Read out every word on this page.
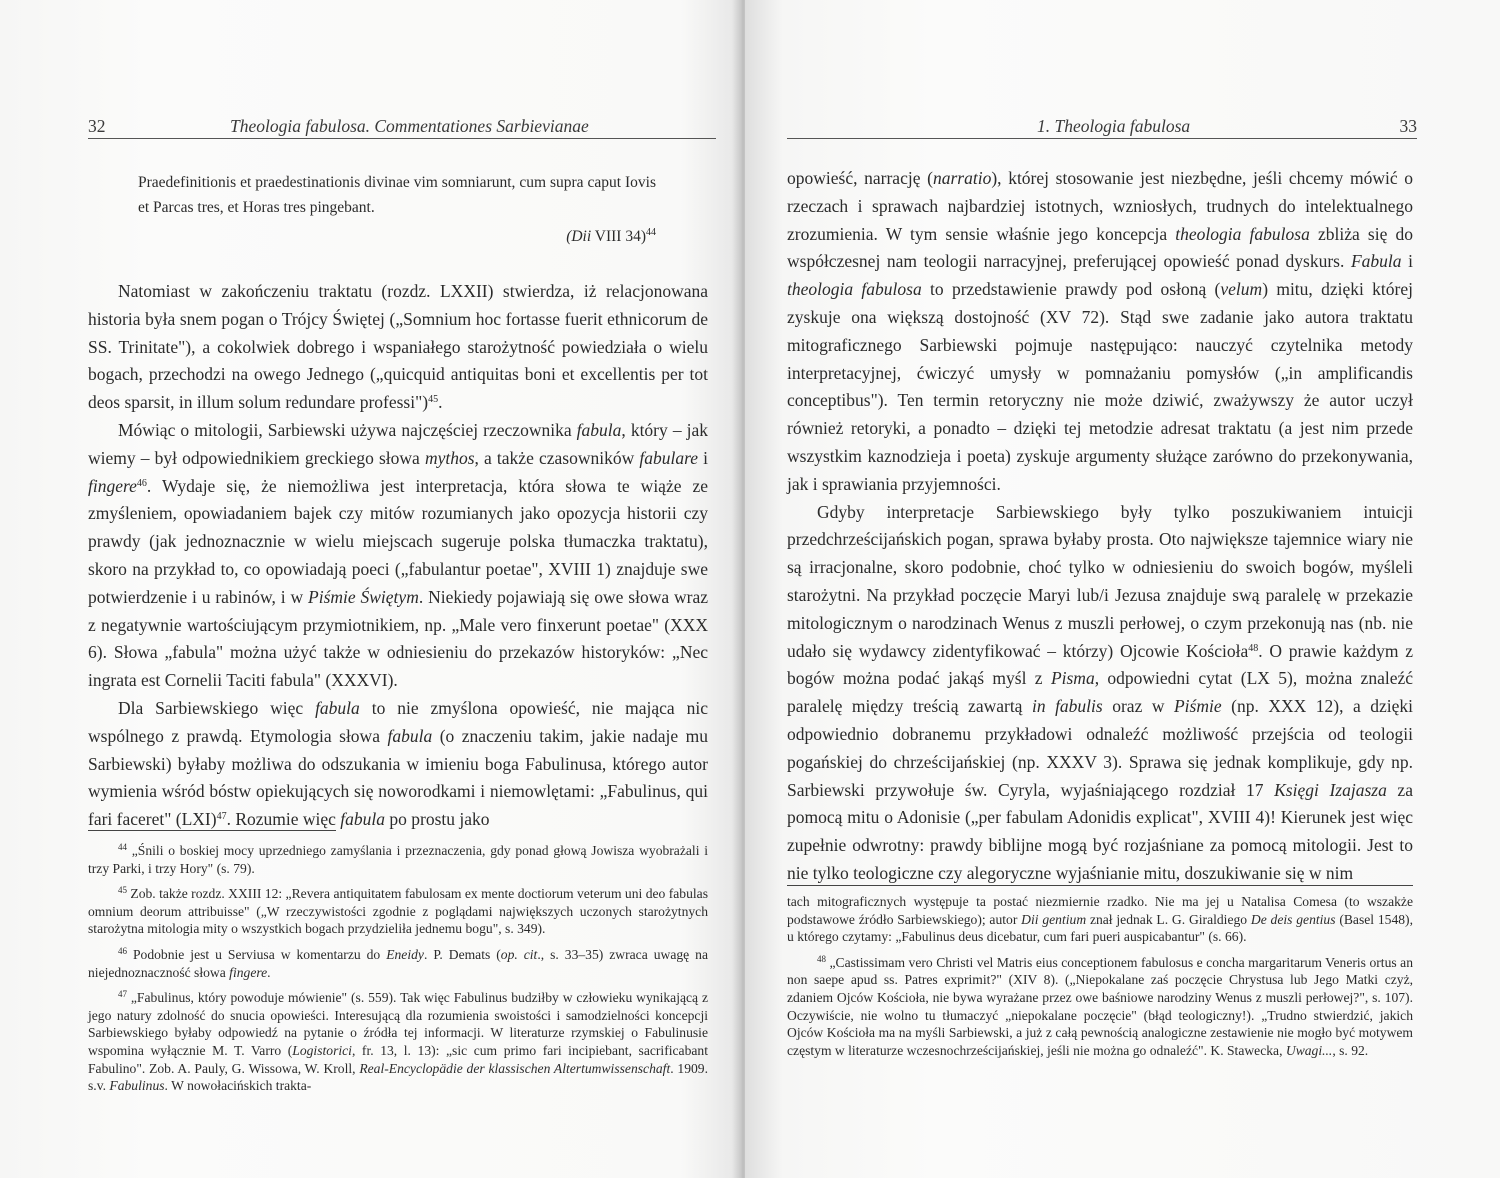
32	Theologia fabulosa. Commentationes Sarbievianae
Praedefinitionis et praedestinationis divinae vim somniarunt, cum supra caput Iovis et Parcas tres, et Horas tres pingebant.
(Dii VIII 34)$^{44}$

Natomiast w zakończeniu traktatu (rozdz. LXXII) stwierdza, iż relacjonowana historia była snem pogan o Trójcy Świętej („Somnium hoc fortasse fuerit ethnicorum de SS. Trinitate"), a cokolwiek dobrego i wspaniałego starożytność powiedziała o wielu bogach, przechodzi na owego Jednego („quicquid antiquitas boni et excellentis per tot deos sparsit, in illum solum redundare professi")$^{45}$.

Mówiąc o mitologii, Sarbiewski używa najczęściej rzeczownika fabula, który – jak wiemy – był odpowiednikiem greckiego słowa mythos, a także czasowników fabulare i fingere$^{46}$. Wydaje się, że niemożliwa jest interpretacja, która słowa te wiąże ze zmyśleniem, opowiadaniem bajek czy mitów rozumianych jako opozycja historii czy prawdy (jak jednoznacznie w wielu miejscach sugeruje polska tłumaczka traktatu), skoro na przykład to, co opowiadają poeci („fabulantur poetae", XVIII 1) znajduje swe potwierdzenie i u rabinów, i w Piśmie Świętym. Niekiedy pojawiają się owe słowa wraz z negatywnie wartościującym przymiotnikiem, np. „Male vero finxerunt poetae" (XXX 6). Słowa „fabula" można użyć także w odniesieniu do przekazów historyków: „Nec ingrata est Cornelii Taciti fabula" (XXXVI).

Dla Sarbiewskiego więc fabula to nie zmyślona opowieść, nie mająca nic wspólnego z prawdą. Etymologia słowa fabula (o znaczeniu takim, jakie nadaje mu Sarbiewski) byłaby możliwa do odszukania w imieniu boga Fabulinusa, którego autor wymienia wśród bóstw opiekujących się noworodkami i niemowlętami: „Fabulinus, qui fari faceret" (LXI)$^{47}$. Rozumie więc fabula po prostu jako

$^{44}$ „Śnili o boskiej mocy uprzedniego zamyślania i przeznaczenia, gdy ponad głową Jowisza wyobrażali i trzy Parki, i trzy Hory" (s. 79).

$^{45}$ Zob. także rozdz. XXIII 12: „Revera antiquitatem fabulosam ex mente doctiorum veterum uni deo fabulas omnium deorum attribuisse" („W rzeczywistości zgodnie z poglądami największych uczonych starożytnych starożytna mitologia mity o wszystkich bogach przydzieliła jednemu bogu", s. 349).

$^{46}$ Podobnie jest u Serviusa w komentarzu do Eneidy. P. Demats (op. cit., s. 33–35) zwraca uwagę na niejednoznaczność słowa fingere.

$^{47}$ „Fabulinus, który powoduje mówienie" (s. 559). Tak więc Fabulinus budziłby w człowieku wynikającą z jego natury zdolność do snucia opowieści. Interesującą dla rozumienia swoistości i samodzielności koncepcji Sarbiewskiego byłaby odpowiedź na pytanie o źródła tej informacji. W literaturze rzymskiej o Fabulinusie wspomina wyłącznie M. T. Varro (Logistorici, fr. 13, l. 13): „sic cum primo fari incipiebant, sacrificabant Fabulino". Zob. A. Pauly, G. Wissowa, W. Kroll, Real-Encyclopädie der klassischen Altertumwissenschaft. 1909. s.v. Fabulinus. W nowołacińskich trakta-

1. Theologia fabulosa	33

opowieść, narrację (narratio), której stosowanie jest niezbędne, jeśli chcemy mówić o rzeczach i sprawach najbardziej istotnych, wzniosłych, trudnych do intelektualnego zrozumienia. W tym sensie właśnie jego koncepcja theologia fabulosa zbliża się do współczesnej nam teologii narracyjnej, preferującej opowieść ponad dyskurs. Fabula i theologia fabulosa to przedstawienie prawdy pod osłoną (velum) mitu, dzięki której zyskuje ona większą dostojność (XV 72). Stąd swe zadanie jako autora traktatu mitograficznego Sarbiewski pojmuje następująco: nauczyć czytelnika metody interpretacyjnej, ćwiczyć umysły w pomnażaniu pomysłów („in amplificandis conceptibus"). Ten termin retoryczny nie może dziwić, zważywszy że autor uczył również retoryki, a ponadto – dzięki tej metodzie adresat traktatu (a jest nim przede wszystkim kaznodzieja i poeta) zyskuje argumenty służące zarówno do przekonywania, jak i sprawiania przyjemności.

Gdyby interpretacje Sarbiewskiego były tylko poszukiwaniem intuicji przedchrześcijańskich pogan, sprawa byłaby prosta. Oto największe tajemnice wiary nie są irracjonalne, skoro podobnie, choć tylko w odniesieniu do swoich bogów, myśleli starożytni. Na przykład poczęcie Maryi lub/i Jezusa znajduje swą paralelę w przekazie mitologicznym o narodzinach Wenus z muszli perłowej, o czym przekonują nas (nb. nie udało się wydawcy zidentyfikować – którzy) Ojcowie Kościoła$^{48}$. O prawie każdym z bogów można podać jakąś myśl z Pisma, odpowiedni cytat (LX 5), można znaleźć paralelę między treścią zawartą in fabulis oraz w Piśmie (np. XXX 12), a dzięki odpowiednio dobranemu przykładowi odnaleźć możliwość przejścia od teologii pogańskiej do chrześcijańskiej (np. XXXV 3). Sprawa się jednak komplikuje, gdy np. Sarbiewski przywołuje św. Cyryla, wyjaśniającego rozdział 17 Księgi Izajasza za pomocą mitu o Adonisie („per fabulam Adonidis explicat", XVIII 4)! Kierunek jest więc zupełnie odwrotny: prawdy biblijne mogą być rozjaśniane za pomocą mitologii. Jest to nie tylko teologiczne czy alegoryczne wyjaśnianie mitu, doszukiwanie się w nim

tach mitograficznych występuje ta postać niezmiernie rzadko. Nie ma jej u Natalisa Comesa (to wszakże podstawowe źródło Sarbiewskiego); autor Dii gentium znał jednak L. G. Giraldiego De deis gentius (Basel 1548), u którego czytamy: „Fabulinus deus dicebatur, cum fari pueri auspicabantur" (s. 66).

$^{48}$ „Castissimam vero Christi vel Matris eius conceptionem fabulosus e concha margaritarum Veneris ortus an non saepe apud ss. Patres exprimit?" (XIV 8). („Niepokalane zaś poczęcie Chrystusa lub Jego Matki czyż, zdaniem Ojców Kościoła, nie bywa wyrażane przez owe baśniowe narodziny Wenus z muszli perłowej?", s. 107). Oczywiście, nie wolno tu tłumaczyć „niepokalane poczęcie" (błąd teologiczny!). „Trudno stwierdzić, jakich Ojców Kościoła ma na myśli Sarbiewski, a już z całą pewnością analogiczne zestawienie nie mogło być motywem częstym w literaturze wczesnochrześcijańskiej, jeśli nie można go odnaleźć". K. Stawecka, Uwagi..., s. 92.
